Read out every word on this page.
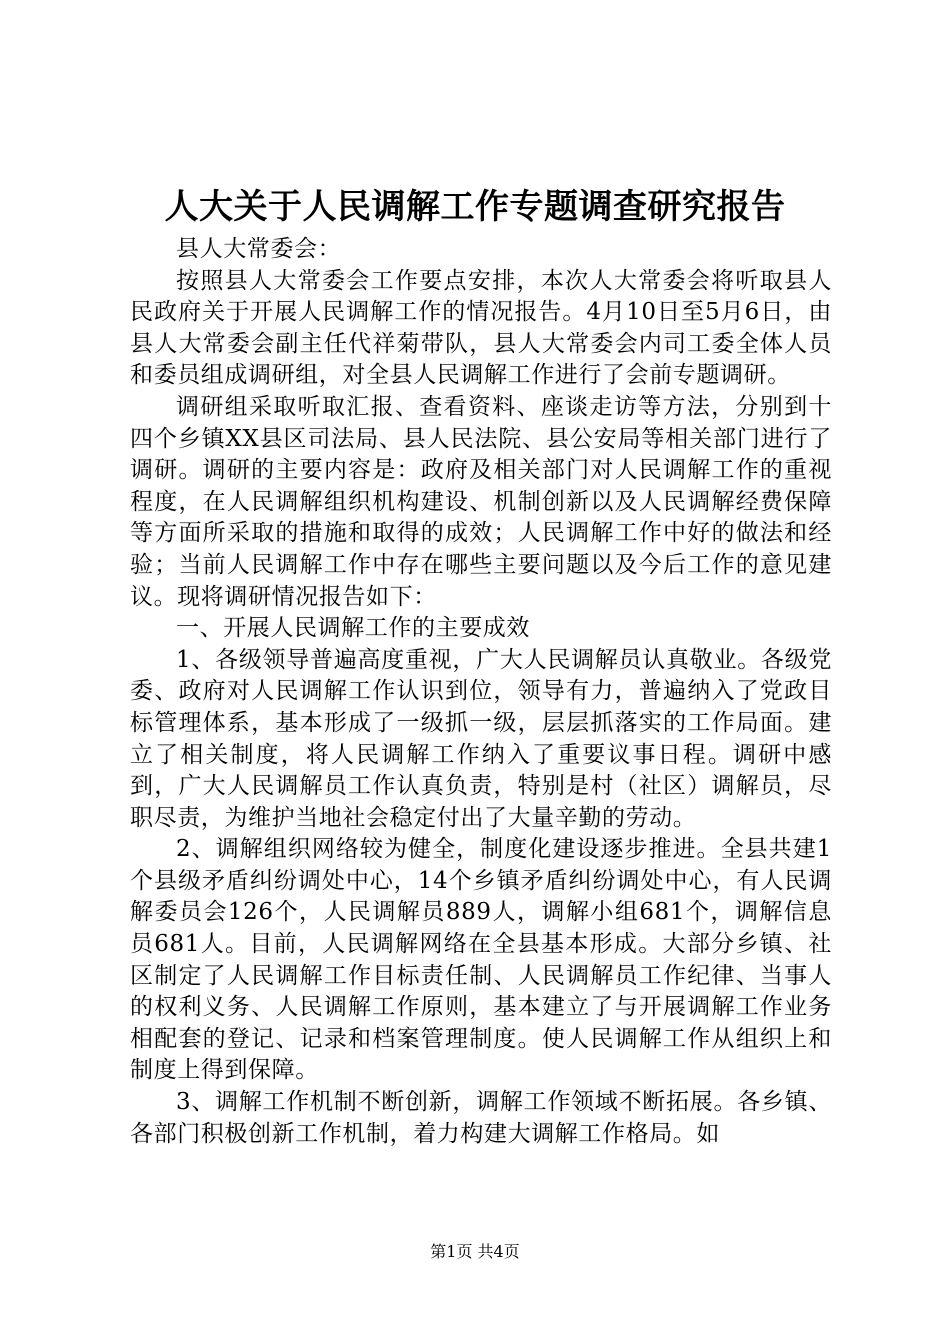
人大关于人民调解工作专题调查研究报告

县人大常委会：

按照县人大常委会工作要点安排，本次人大常委会将听取县人民政府关于开展人民调解工作的情况报告。4月10日至5月6日，由县人大常委会副主任代祥菊带队，县人大常委会内司工委全体人员和委员组成调研组，对全县人民调解工作进行了会前专题调研。

调研组采取听取汇报、查看资料、座谈走访等方法，分别到十四个乡镇XX县区司法局、县人民法院、县公安局等相关部门进行了调研。调研的主要内容是：政府及相关部门对人民调解工作的重视程度，在人民调解组织机构建设、机制创新以及人民调解经费保障等方面所采取的措施和取得的成效；人民调解工作中好的做法和经验；当前人民调解工作中存在哪些主要问题以及今后工作的意见建议。现将调研情况报告如下：

一、开展人民调解工作的主要成效

1、各级领导普遍高度重视，广大人民调解员认真敬业。各级党委、政府对人民调解工作认识到位，领导有力，普遍纳入了党政目标管理体系，基本形成了一级抓一级，层层抓落实的工作局面。建立了相关制度，将人民调解工作纳入了重要议事日程。调研中感到，广大人民调解员工作认真负责，特别是村（社区）调解员，尽职尽责，为维护当地社会稳定付出了大量辛勤的劳动。

2、调解组织网络较为健全，制度化建设逐步推进。全县共建1个县级矛盾纠纷调处中心，14个乡镇矛盾纠纷调处中心，有人民调解委员会126个，人民调解员889人，调解小组681个，调解信息员681人。目前，人民调解网络在全县基本形成。大部分乡镇、社区制定了人民调解工作目标责任制、人民调解员工作纪律、当事人的权利义务、人民调解工作原则，基本建立了与开展调解工作业务相配套的登记、记录和档案管理制度。使人民调解工作从组织上和制度上得到保障。

3、调解工作机制不断创新，调解工作领域不断拓展。各乡镇、各部门积极创新工作机制，着力构建大调解工作格局。如

第1页 共4页
